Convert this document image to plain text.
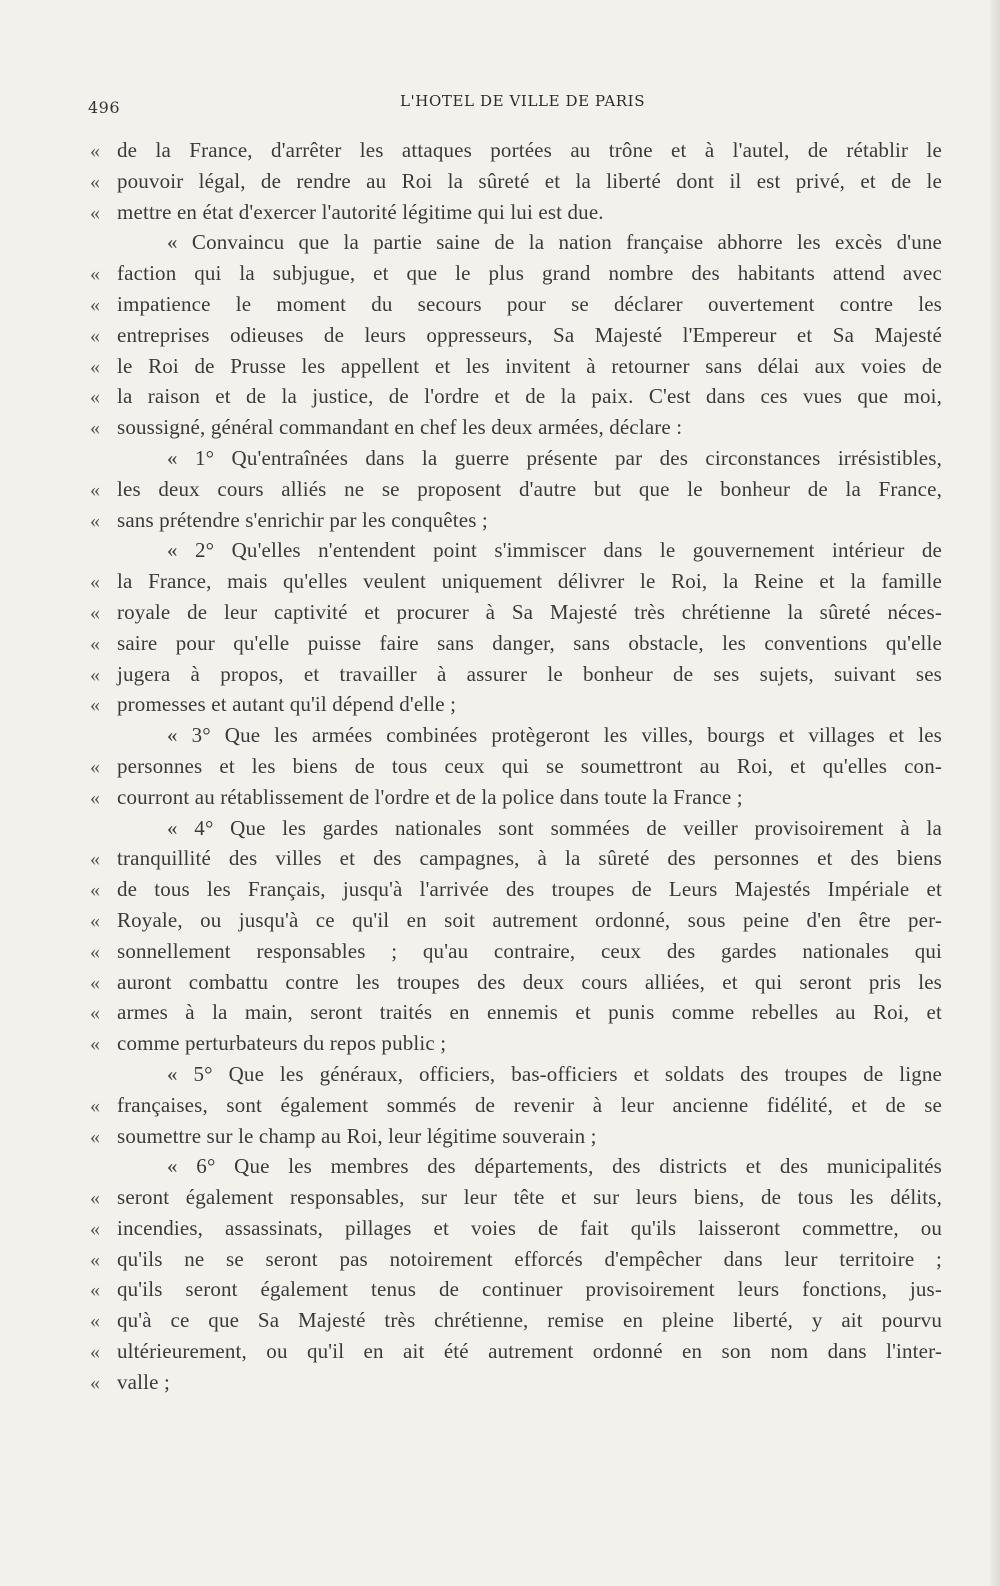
496	L'HOTEL DE VILLE DE PARIS
« de la France, d'arrêter les attaques portées au trône et à l'autel, de rétablir le
« pouvoir légal, de rendre au Roi la sûreté et la liberté dont il est privé, et de le
« mettre en état d'exercer l'autorité légitime qui lui est due.
« Convaincu que la partie saine de la nation française abhorre les excès d'une
« faction qui la subjugue, et que le plus grand nombre des habitants attend avec
« impatience le moment du secours pour se déclarer ouvertement contre les
« entreprises odieuses de leurs oppresseurs, Sa Majesté l'Empereur et Sa Majesté
« le Roi de Prusse les appellent et les invitent à retourner sans délai aux voies de
« la raison et de la justice, de l'ordre et de la paix. C'est dans ces vues que moi,
« soussigné, général commandant en chef les deux armées, déclare :
« 1° Qu'entraînées dans la guerre présente par des circonstances irrésistibles,
« les deux cours alliés ne se proposent d'autre but que le bonheur de la France,
« sans prétendre s'enrichir par les conquêtes ;
« 2° Qu'elles n'entendent point s'immiscer dans le gouvernement intérieur de
« la France, mais qu'elles veulent uniquement délivrer le Roi, la Reine et la famille
« royale de leur captivité et procurer à Sa Majesté très chrétienne la sûreté néces-
« saire pour qu'elle puisse faire sans danger, sans obstacle, les conventions qu'elle
« jugera à propos, et travailler à assurer le bonheur de ses sujets, suivant ses
« promesses et autant qu'il dépend d'elle ;
« 3° Que les armées combinées protègeront les villes, bourgs et villages et les
« personnes et les biens de tous ceux qui se soumettront au Roi, et qu'elles con-
« courront au rétablissement de l'ordre et de la police dans toute la France ;
« 4° Que les gardes nationales sont sommées de veiller provisoirement à la
« tranquillité des villes et des campagnes, à la sûreté des personnes et des biens
« de tous les Français, jusqu'à l'arrivée des troupes de Leurs Majestés Impériale et
« Royale, ou jusqu'à ce qu'il en soit autrement ordonné, sous peine d'en être per-
« sonnellement responsables ; qu'au contraire, ceux des gardes nationales qui
« auront combattu contre les troupes des deux cours alliées, et qui seront pris les
« armes à la main, seront traités en ennemis et punis comme rebelles au Roi, et
« comme perturbateurs du repos public ;
« 5° Que les généraux, officiers, bas-officiers et soldats des troupes de ligne
« françaises, sont également sommés de revenir à leur ancienne fidélité, et de se
« soumettre sur le champ au Roi, leur légitime souverain ;
« 6° Que les membres des départements, des districts et des municipalités
« seront également responsables, sur leur tête et sur leurs biens, de tous les délits,
« incendies, assassinats, pillages et voies de fait qu'ils laisseront commettre, ou
« qu'ils ne se seront pas notoirement efforcés d'empêcher dans leur territoire ;
« qu'ils seront également tenus de continuer provisoirement leurs fonctions, jus-
« qu'à ce que Sa Majesté très chrétienne, remise en pleine liberté, y ait pourvu
« ultérieurement, ou qu'il en ait été autrement ordonné en son nom dans l'inter-
« valle ;
